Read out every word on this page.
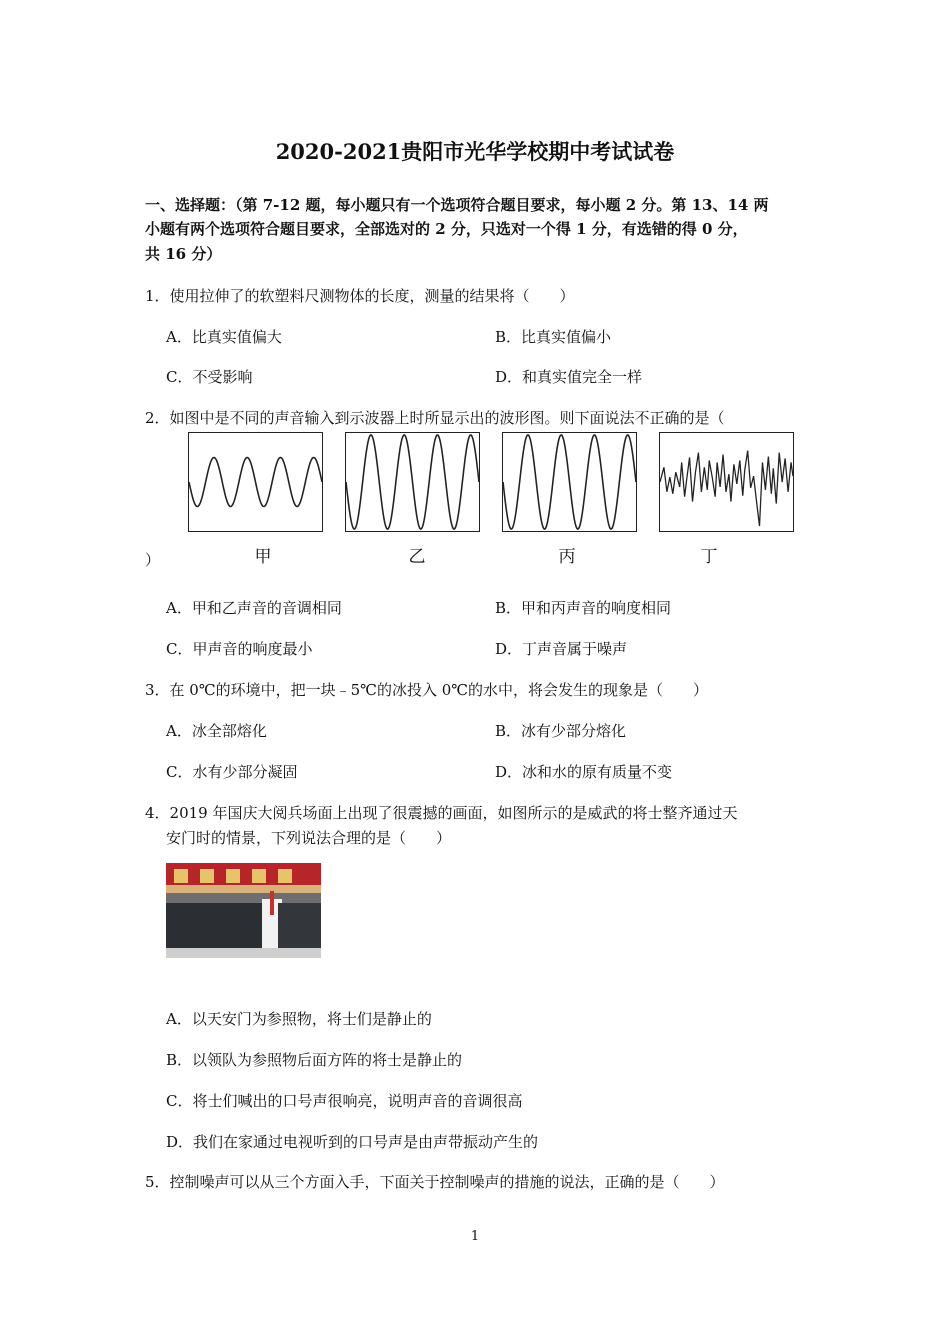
2020-2021贵阳市光华学校期中考试试卷
一、选择题：（第 7-12 题，每小题只有一个选项符合题目要求，每小题 2 分。第 13、14 两
小题有两个选项符合题目要求，全部选对的 2 分，只选对一个得 1 分，有选错的得 0 分，
共 16 分）
1．使用拉伸了的软塑料尺测物体的长度，测量的结果将（　　）
A．比真实值偏大	B．比真实值偏小
C．不受影响	D．和真实值完全一样
2．如图中是不同的声音输入到示波器上时所显示出的波形图。则下面说法不正确的是（
甲	乙	丙	丁
）
A．甲和乙声音的音调相同	B．甲和丙声音的响度相同
C．甲声音的响度最小	D．丁声音属于噪声
3．在 0℃的环境中，把一块﹣5℃的冰投入 0℃的水中，将会发生的现象是（　　）
A．冰全部熔化	B．冰有少部分熔化
C．水有少部分凝固	D．冰和水的原有质量不变
4．2019 年国庆大阅兵场面上出现了很震撼的画面，如图所示的是威武的将士整齐通过天
安门时的情景，下列说法合理的是（　　）
A．以天安门为参照物，将士们是静止的
B．以领队为参照物后面方阵的将士是静止的
C．将士们喊出的口号声很响亮，说明声音的音调很高
D．我们在家通过电视听到的口号声是由声带振动产生的
5．控制噪声可以从三个方面入手，下面关于控制噪声的措施的说法，正确的是（　　）
1
